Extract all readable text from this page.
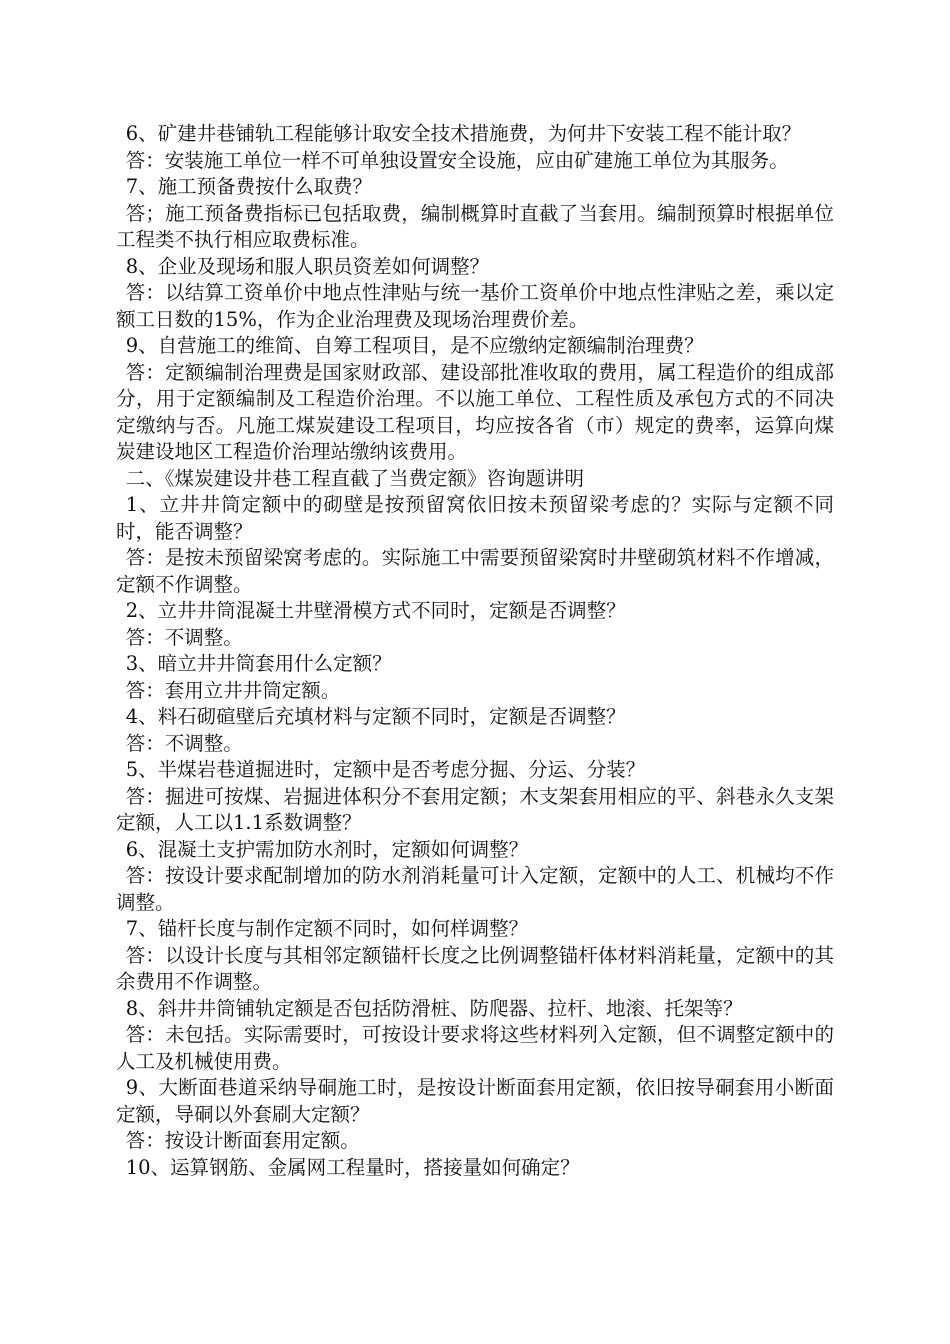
6、矿建井巷铺轨工程能够计取安全技术措施费，为何井下安装工程不能计取？

答：安装施工单位一样不可单独设置安全设施，应由矿建施工单位为其服务。

7、施工预备费按什么取费？

答；施工预备费指标已包括取费，编制概算时直截了当套用。编制预算时根据单位工程类不执行相应取费标准。

8、企业及现场和服人职员资差如何调整？

答：以结算工资单价中地点性津贴与统一基价工资单价中地点性津贴之差，乘以定额工日数的15%，作为企业治理费及现场治理费价差。

9、自营施工的维简、自筹工程项目，是不应缴纳定额编制治理费？

答：定额编制治理费是国家财政部、建设部批准收取的费用，属工程造价的组成部分，用于定额编制及工程造价治理。不以施工单位、工程性质及承包方式的不同决定缴纳与否。凡施工煤炭建设工程项目，均应按各省（市）规定的费率，运算向煤炭建设地区工程造价治理站缴纳该费用。

二、《煤炭建设井巷工程直截了当费定额》咨询题讲明

1、立井井筒定额中的砌壁是按预留窝依旧按未预留梁考虑的？实际与定额不同时，能否调整？

答：是按未预留梁窝考虑的。实际施工中需要预留梁窝时井壁砌筑材料不作增减，定额不作调整。

2、立井井筒混凝土井壁滑模方式不同时，定额是否调整？

答：不调整。

3、暗立井井筒套用什么定额？

答：套用立井井筒定额。

4、料石砌碹壁后充填材料与定额不同时，定额是否调整？

答：不调整。

5、半煤岩巷道掘进时，定额中是否考虑分掘、分运、分装？

答：掘进可按煤、岩掘进体积分不套用定额；木支架套用相应的平、斜巷永久支架定额，人工以1.1系数调整？

6、混凝土支护需加防水剂时，定额如何调整？

答：按设计要求配制增加的防水剂消耗量可计入定额，定额中的人工、机械均不作调整。

7、锚杆长度与制作定额不同时，如何样调整？

答：以设计长度与其相邻定额锚杆长度之比例调整锚杆体材料消耗量，定额中的其余费用不作调整。

8、斜井井筒铺轨定额是否包括防滑桩、防爬器、拉杆、地滚、托架等？

答：未包括。实际需要时，可按设计要求将这些材料列入定额，但不调整定额中的人工及机械使用费。

9、大断面巷道采纳导硐施工时，是按设计断面套用定额，依旧按导硐套用小断面定额，导硐以外套刷大定额？

答：按设计断面套用定额。

10、运算钢筋、金属网工程量时，搭接量如何确定？
